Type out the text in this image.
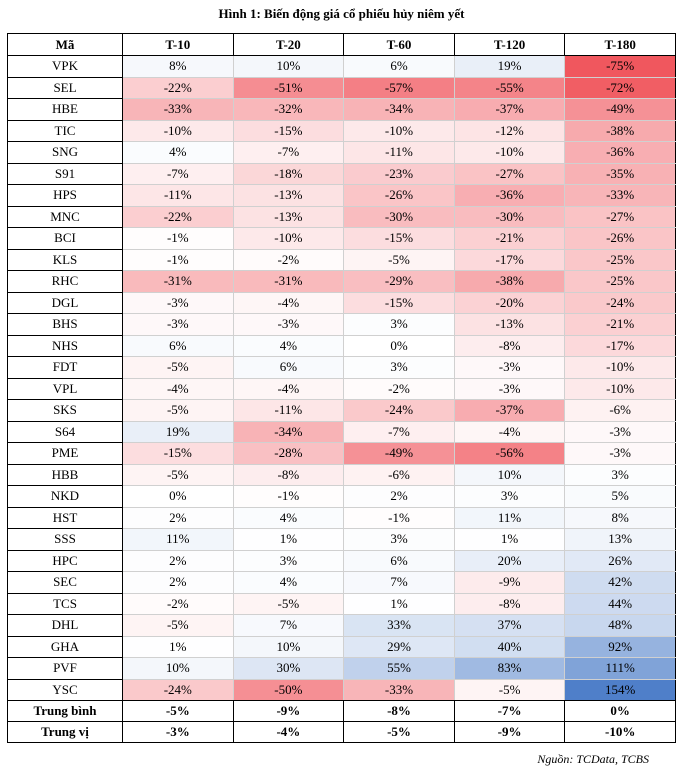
Hình 1: Biến động giá cổ phiếu hủy niêm yết
Mã	T-10	T-20	T-60	T-120	T-180
VPK	8%	10%	6%	19%	-75%
SEL	-22%	-51%	-57%	-55%	-72%
HBE	-33%	-32%	-34%	-37%	-49%
TIC	-10%	-15%	-10%	-12%	-38%
SNG	4%	-7%	-11%	-10%	-36%
S91	-7%	-18%	-23%	-27%	-35%
HPS	-11%	-13%	-26%	-36%	-33%
MNC	-22%	-13%	-30%	-30%	-27%
BCI	-1%	-10%	-15%	-21%	-26%
KLS	-1%	-2%	-5%	-17%	-25%
RHC	-31%	-31%	-29%	-38%	-25%
DGL	-3%	-4%	-15%	-20%	-24%
BHS	-3%	-3%	3%	-13%	-21%
NHS	6%	4%	0%	-8%	-17%
FDT	-5%	6%	3%	-3%	-10%
VPL	-4%	-4%	-2%	-3%	-10%
SKS	-5%	-11%	-24%	-37%	-6%
S64	19%	-34%	-7%	-4%	-3%
PME	-15%	-28%	-49%	-56%	-3%
HBB	-5%	-8%	-6%	10%	3%
NKD	0%	-1%	2%	3%	5%
HST	2%	4%	-1%	11%	8%
SSS	11%	1%	3%	1%	13%
HPC	2%	3%	6%	20%	26%
SEC	2%	4%	7%	-9%	42%
TCS	-2%	-5%	1%	-8%	44%
DHL	-5%	7%	33%	37%	48%
GHA	1%	10%	29%	40%	92%
PVF	10%	30%	55%	83%	111%
YSC	-24%	-50%	-33%	-5%	154%
Trung bình	-5%	-9%	-8%	-7%	0%
Trung vị	-3%	-4%	-5%	-9%	-10%
Nguồn: TCData, TCBS
